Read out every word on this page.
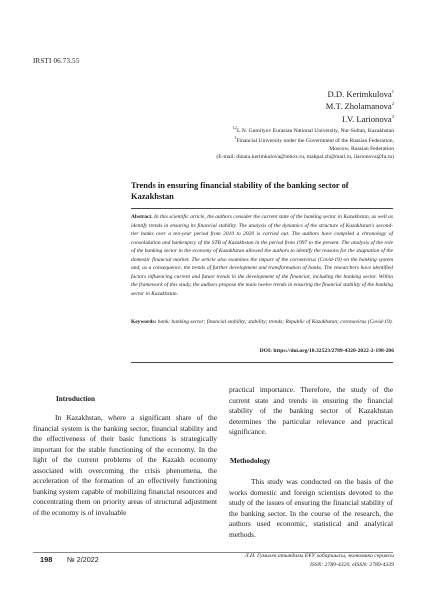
IRSTI 06.73.55
D.D. Kerimkulova$^1$
M.T. Zholamanova$^2$
I.V. Larionova$^3$
$^{1,2}$L.N. Gumilyov Eurasian National University, Nur-Sultan, Kazakhstan
$^3$Financial University under the Government of the Russian Federation,
Moscow, Russian Federation
(E-mail: dinara.kerimkulova@inbox.ru, makpal.zh@mail.ru, ilarionova@fa.ru)
Trends in ensuring financial stability of the banking sector of Kazakhstan
Abstract. In this scientific article, the authors consider the current state of the banking sector in Kazakhstan, as well as identify trends in ensuring its financial stability. The analysis of the dynamics of the structure of Kazakhstan's second-tier banks over a ten-year period from 2010 to 2020 is carried out. The authors have compiled a chronology of consolidation and bankruptcy of the STB of Kazakhstan in the period from 1997 to the present. The analysis of the role of the banking sector in the economy of Kazakhstan allowed the authors to identify the reasons for the stagnation of the domestic financial market. The article also examines the impact of the coronavirus (Covid-19) on the banking system and, as a consequence, the trends of further development and transformation of banks. The researchers have identified factors influencing current and future trends in the development of the financial, including the banking sector. Within the framework of this study, the authors propose the main twelve trends in ensuring the financial stability of the banking sector in Kazakhstan.
Keywords: bank; banking sector; financial stability; stability; trends; Republic of Kazakhstan; coronavirus (Covid-19).
DOI: https://doi.org/10.32523/2789-4320-2022-2-198-206
Introduction
In Kazakhstan, where a significant share of the financial system is the banking sector, financial stability and the effectiveness of their basic functions is strategically important for the stable functioning of the economy. In the light of the current problems of the Kazakh economy associated with overcoming the crisis phenomena, the acceleration of the formation of an effectively functioning banking system capable of mobilizing financial resources and concentrating them on priority areas of structural adjustment of the economy is of invaluable
practical importance. Therefore, the study of the current state and trends in ensuring the financial stability of the banking sector of Kazakhstan determines the particular relevance and practical significance.
Methodology
This study was conducted on the basis of the works domestic and foreign scientists devoted to the study of the issues of ensuring the financial stability of the banking sector. In the course of the research, the authors used economic, statistical and analytical methods.
198 № 2/2022	Л.Н. Гумилев атындағы ЕҰУ хабаршысы, экономика сериясы
ISSN: 2789-4320, eISSN: 2789-4339
